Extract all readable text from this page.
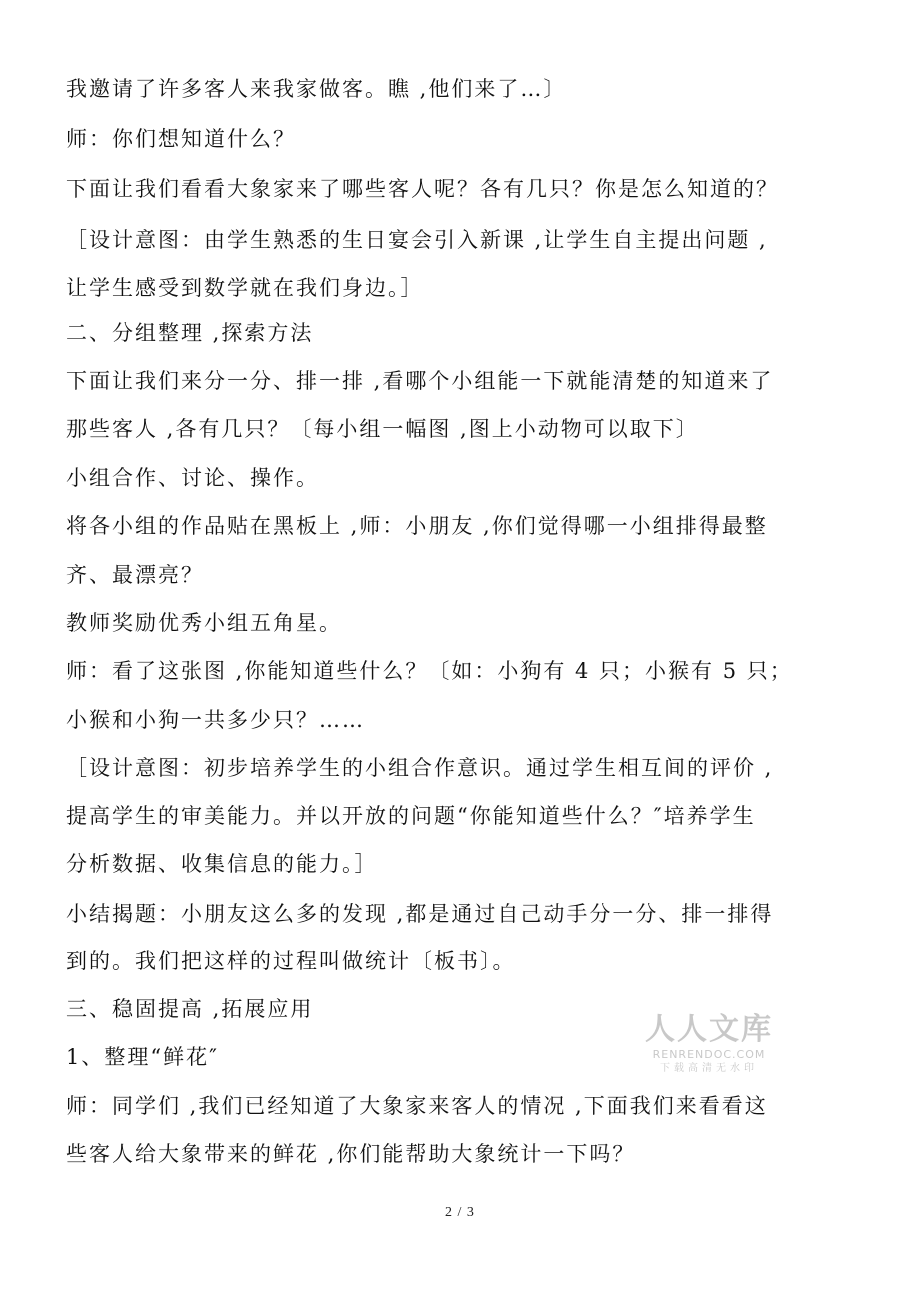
我邀请了许多客人来我家做客。瞧 ,他们来了…〕
师：你们想知道什么？
下面让我们看看大象家来了哪些客人呢？各有几只？你是怎么知道的？
［设计意图：由学生熟悉的生日宴会引入新课 ,让学生自主提出问题 ,
让学生感受到数学就在我们身边。］
二、分组整理 ,探索方法
下面让我们来分一分、排一排 ,看哪个小组能一下就能清楚的知道来了
那些客人 ,各有几只？〔每小组一幅图 ,图上小动物可以取下〕
小组合作、讨论、操作。
将各小组的作品贴在黑板上 ,师：小朋友 ,你们觉得哪一小组排得最整
齐、最漂亮？
教师奖励优秀小组五角星。
师：看了这张图 ,你能知道些什么？〔如：小狗有 4 只；小猴有 5 只；
小猴和小狗一共多少只？……
［设计意图：初步培养学生的小组合作意识。通过学生相互间的评价 ,
提高学生的审美能力。并以开放的问题“你能知道些什么？″培养学生
分析数据、收集信息的能力。］
小结揭题：小朋友这么多的发现 ,都是通过自己动手分一分、排一排得
到的。我们把这样的过程叫做统计〔板书〕。
三、稳固提高 ,拓展应用
1、整理“鲜花″
师：同学们 ,我们已经知道了大象家来客人的情况 ,下面我们来看看这
些客人给大象带来的鲜花 ,你们能帮助大象统计一下吗？
人人文库
RENRENDOC.COM
下载高清无水印
2 / 3
